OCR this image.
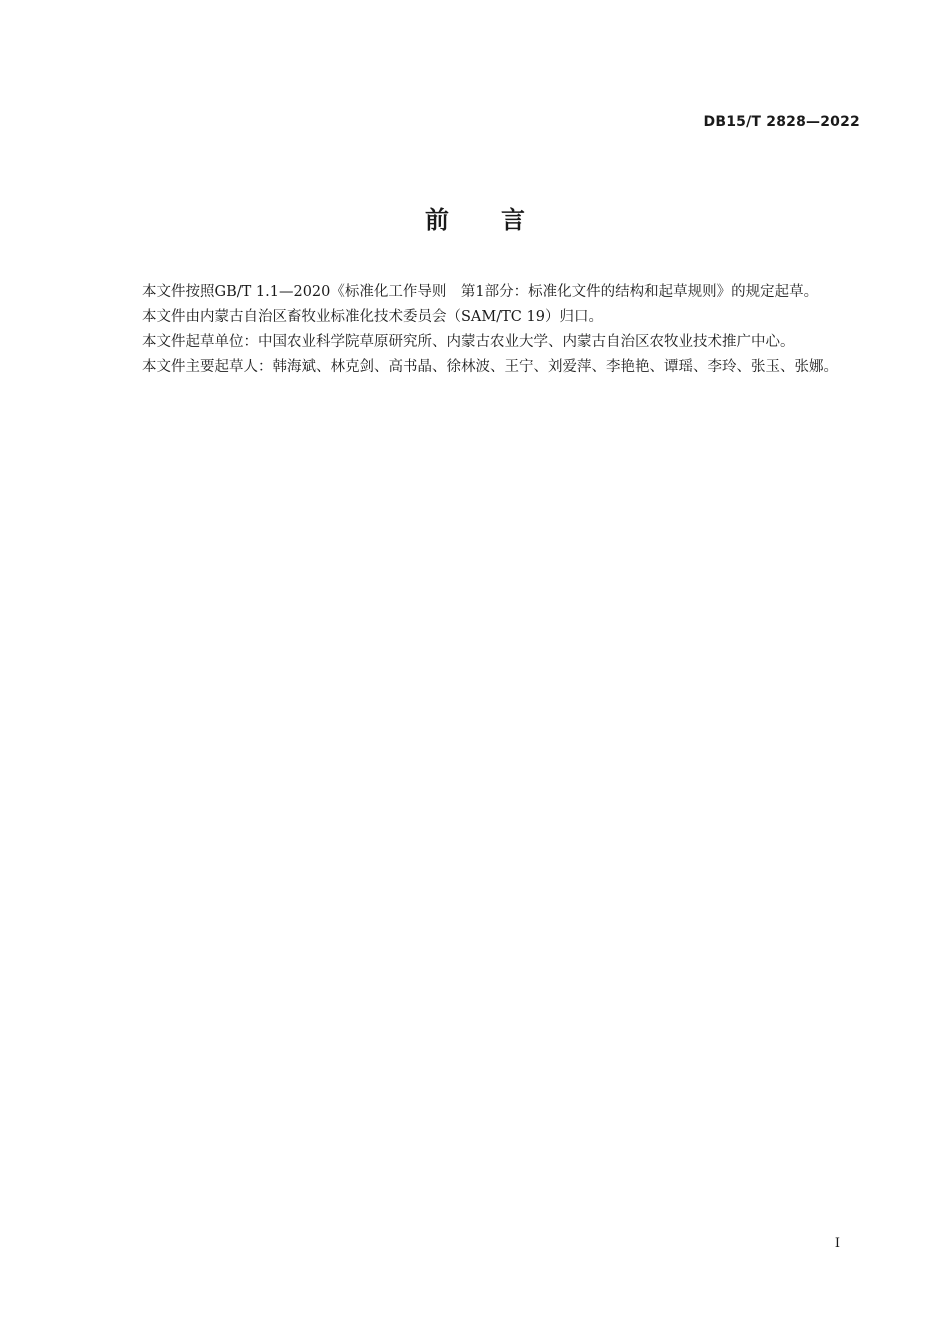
DB15/T 2828—2022
前 言

本文件按照GB/T 1.1—2020《标准化工作导则　第1部分：标准化文件的结构和起草规则》的规定起草。

本文件由内蒙古自治区畜牧业标准化技术委员会（SAM/TC 19）归口。

本文件起草单位：中国农业科学院草原研究所、内蒙古农业大学、内蒙古自治区农牧业技术推广中心。

本文件主要起草人：韩海斌、林克剑、高书晶、徐林波、王宁、刘爱萍、李艳艳、谭瑶、李玲、张玉、张娜。

I
